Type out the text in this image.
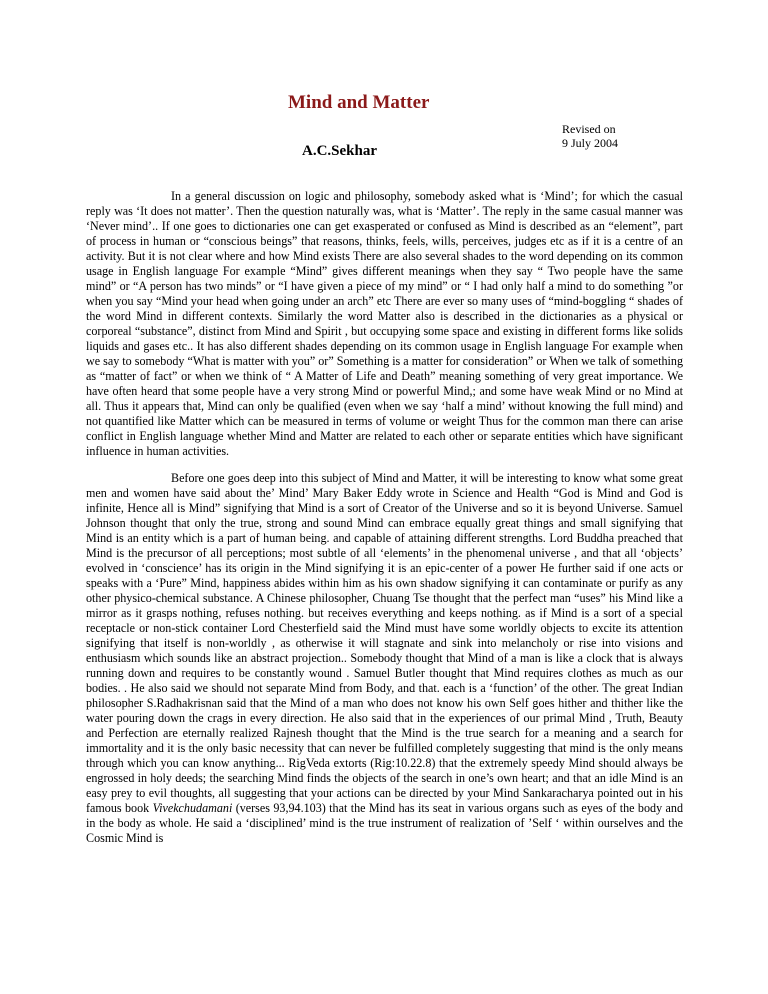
Mind and Matter
Revised on
9 July 2004
A.C.Sekhar

In a general discussion on logic and philosophy, somebody asked what is ‘Mind’; for which the casual reply was ‘It does not matter’. Then the question naturally was, what is ‘Matter’. The reply in the same casual manner was ‘Never mind’.. If one goes to dictionaries one can get exasperated or confused as Mind is described as an “element”, part of process in human or “conscious beings” that reasons, thinks, feels, wills, perceives, judges etc as if it is a centre of an activity. But it is not clear where and how Mind exists There are also several shades to the word depending on its common usage in English language For example “Mind” gives different meanings when they say “ Two people have the same mind” or “A person has two minds” or “I have given a piece of my mind” or “ I had only half a mind to do something ”or when you say “Mind your head when going under an arch” etc There are ever so many uses of “mind-boggling “ shades of the word Mind in different contexts. Similarly the word Matter also is described in the dictionaries as a physical or corporeal “substance”, distinct from Mind and Spirit , but occupying some space and existing in different forms like solids liquids and gases etc.. It has also different shades depending on its common usage in English language For example when we say to somebody “What is matter with you” or” Something is a matter for consideration” or When we talk of something as “matter of fact” or when we think of “ A Matter of Life and Death” meaning something of very great importance. We have often heard that some people have a very strong Mind or powerful Mind,; and some have weak Mind or no Mind at all. Thus it appears that, Mind can only be qualified (even when we say ‘half a mind’ without knowing the full mind) and not quantified like Matter which can be measured in terms of volume or weight Thus for the common man there can arise conflict in English language whether Mind and Matter are related to each other or separate entities which have significant influence in human activities.

Before one goes deep into this subject of Mind and Matter, it will be interesting to know what some great men and women have said about the’ Mind’ Mary Baker Eddy wrote in Science and Health “God is Mind and God is infinite, Hence all is Mind” signifying that Mind is a sort of Creator of the Universe and so it is beyond Universe. Samuel Johnson thought that only the true, strong and sound Mind can embrace equally great things and small signifying that Mind is an entity which is a part of human being. and capable of attaining different strengths. Lord Buddha preached that Mind is the precursor of all perceptions; most subtle of all ‘elements’ in the phenomenal universe , and that all ‘objects’ evolved in ‘conscience’ has its origin in the Mind signifying it is an epic-center of a power He further said if one acts or speaks with a ‘Pure” Mind, happiness abides within him as his own shadow signifying it can contaminate or purify as any other physico-chemical substance. A Chinese philosopher, Chuang Tse thought that the perfect man “uses” his Mind like a mirror as it grasps nothing, refuses nothing. but receives everything and keeps nothing. as if Mind is a sort of a special receptacle or non-stick container Lord Chesterfield said the Mind must have some worldly objects to excite its attention signifying that itself is non-worldly , as otherwise it will stagnate and sink into melancholy or rise into visions and enthusiasm which sounds like an abstract projection.. Somebody thought that Mind of a man is like a clock that is always running down and requires to be constantly wound . Samuel Butler thought that Mind requires clothes as much as our bodies. . He also said we should not separate Mind from Body, and that. each is a ‘function’ of the other. The great Indian philosopher S.Radhakrisnan said that the Mind of a man who does not know his own Self goes hither and thither like the water pouring down the crags in every direction. He also said that in the experiences of our primal Mind , Truth, Beauty and Perfection are eternally realized Rajnesh thought that the Mind is the true search for a meaning and a search for immortality and it is the only basic necessity that can never be fulfilled completely suggesting that mind is the only means through which you can know anything... RigVeda extorts (Rig:10.22.8) that the extremely speedy Mind should always be engrossed in holy deeds; the searching Mind finds the objects of the search in one’s own heart; and that an idle Mind is an easy prey to evil thoughts, all suggesting that your actions can be directed by your Mind Sankaracharya pointed out in his famous book Vivekchudamani (verses 93,94.103) that the Mind has its seat in various organs such as eyes of the body and in the body as whole. He said a ‘disciplined’ mind is the true instrument of realization of ’Self ‘ within ourselves and the Cosmic Mind is
